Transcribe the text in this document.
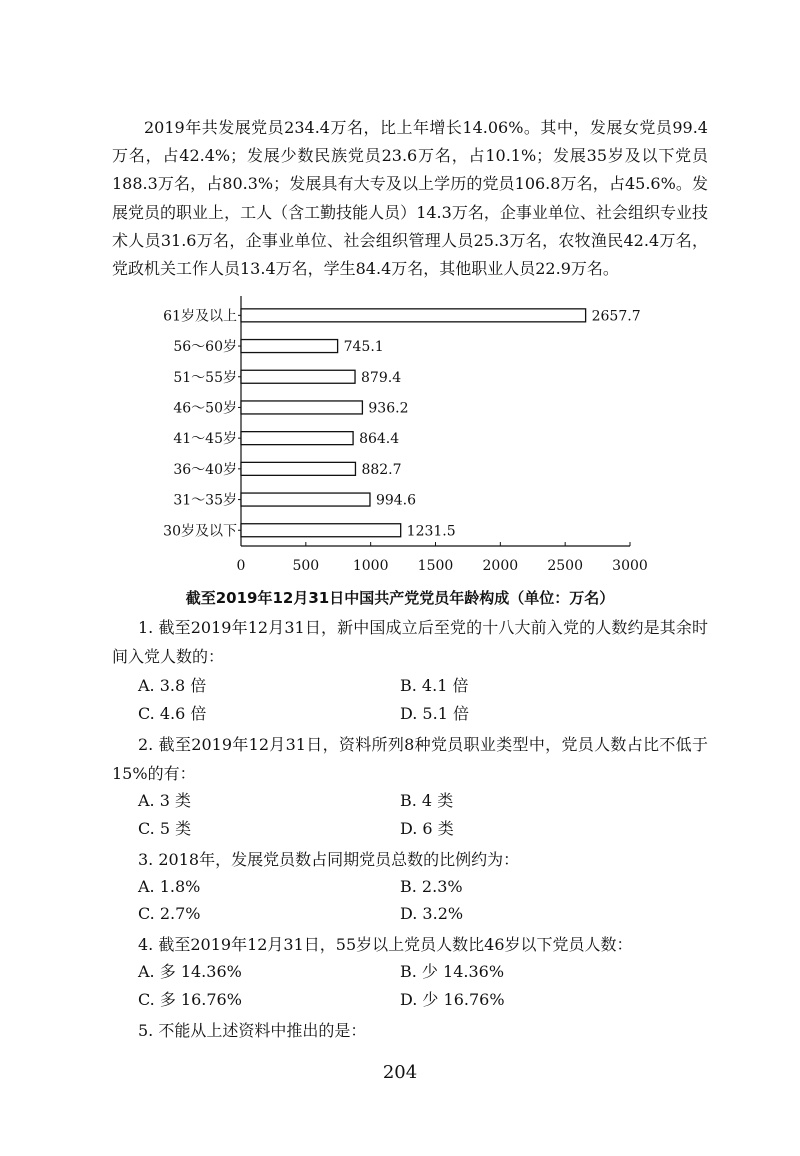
2019年共发展党员234.4万名，比上年增长14.06%。其中，发展女党员99.4万名，占42.4%；发展少数民族党员23.6万名，占10.1%；发展35岁及以下党员188.3万名，占80.3%；发展具有大专及以上学历的党员106.8万名，占45.6%。发展党员的职业上，工人（含工勤技能人员）14.3万名，企事业单位、社会组织专业技术人员31.6万名，企事业单位、社会组织管理人员25.3万名，农牧渔民42.4万名，党政机关工作人员13.4万名，学生84.4万名，其他职业人员22.9万名。

61岁及以上	2657.7
56～60岁	745.1
51～55岁	879.4
46～50岁	936.2
41～45岁	864.4
36～40岁	882.7
31～35岁	994.6
30岁及以下	1231.5
0	500 1000 1500 2000 2500 3000

截至2019年12月31日中国共产党党员年龄构成（单位：万名）

1. 截至2019年12月31日，新中国成立后至党的十八大前入党的人数约是其余时间入党人数的：

A. 3.8 倍	B. 4.1 倍

C. 4.6 倍	D. 5.1 倍

2. 截至2019年12月31日，资料所列8种党员职业类型中，党员人数占比不低于15%的有：

A. 3 类	B. 4 类

C. 5 类	D. 6 类

3. 2018年，发展党员数占同期党员总数的比例约为：

A. 1.8%	B. 2.3%

C. 2.7%	D. 3.2%

4. 截至2019年12月31日，55岁以上党员人数比46岁以下党员人数：

A. 多 14.36%	B. 少 14.36%

C. 多 16.76%	D. 少 16.76%

5. 不能从上述资料中推出的是：

204
